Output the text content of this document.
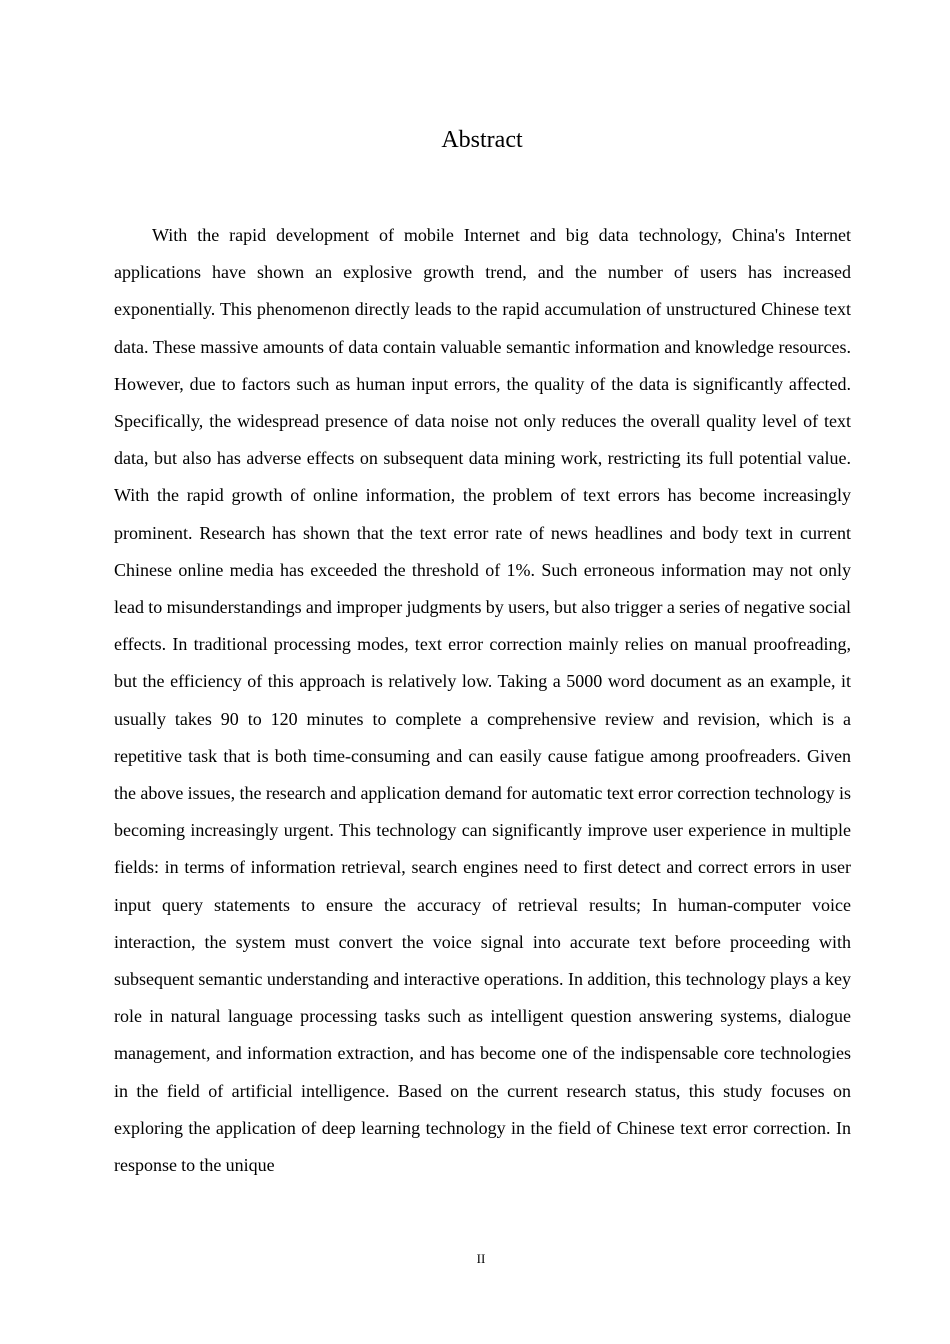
Abstract

With the rapid development of mobile Internet and big data technology, China's Internet applications have shown an explosive growth trend, and the number of users has increased exponentially. This phenomenon directly leads to the rapid accumulation of unstructured Chinese text data. These massive amounts of data contain valuable semantic information and knowledge resources. However, due to factors such as human input errors, the quality of the data is significantly affected. Specifically, the widespread presence of data noise not only reduces the overall quality level of text data, but also has adverse effects on subsequent data mining work, restricting its full potential value. With the rapid growth of online information, the problem of text errors has become increasingly prominent. Research has shown that the text error rate of news headlines and body text in current Chinese online media has exceeded the threshold of 1%. Such erroneous information may not only lead to misunderstandings and improper judgments by users, but also trigger a series of negative social effects. In traditional processing modes, text error correction mainly relies on manual proofreading, but the efficiency of this approach is relatively low. Taking a 5000 word document as an example, it usually takes 90 to 120 minutes to complete a comprehensive review and revision, which is a repetitive task that is both time-consuming and can easily cause fatigue among proofreaders. Given the above issues, the research and application demand for automatic text error correction technology is becoming increasingly urgent. This technology can significantly improve user experience in multiple fields: in terms of information retrieval, search engines need to first detect and correct errors in user input query statements to ensure the accuracy of retrieval results; In human-computer voice interaction, the system must convert the voice signal into accurate text before proceeding with subsequent semantic understanding and interactive operations. In addition, this technology plays a key role in natural language processing tasks such as intelligent question answering systems, dialogue management, and information extraction, and has become one of the indispensable core technologies in the field of artificial intelligence. Based on the current research status, this study focuses on exploring the application of deep learning technology in the field of Chinese text error correction. In response to the unique

II
